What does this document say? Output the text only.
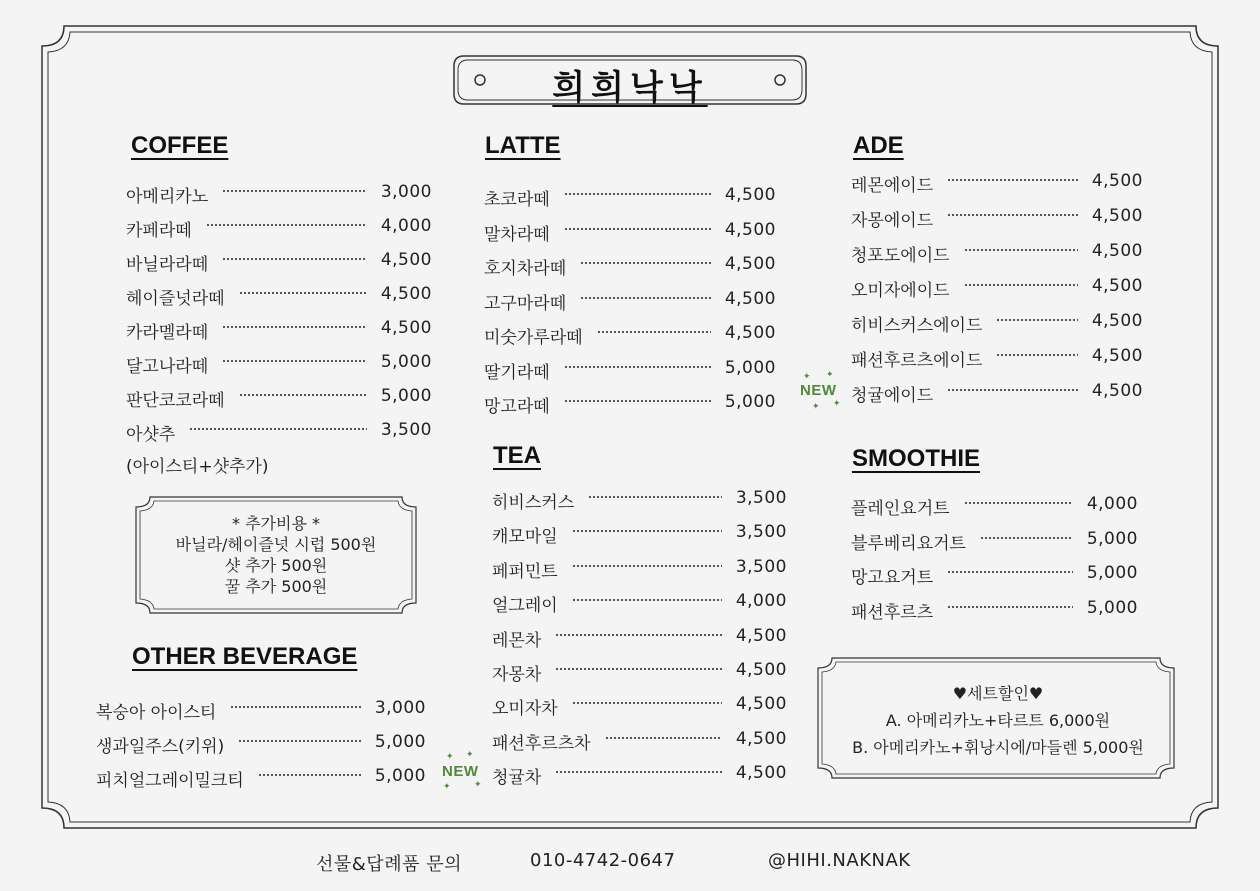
희희낙낙
COFFEE
아메리카노	3,000
카페라떼	4,000
바닐라라떼	4,500
헤이즐넛라떼	4,500
카라멜라떼	4,500
달고나라떼	5,000
판단코코라떼	5,000
아샷추	3,500
(아이스티+샷추가)
* 추가비용 *
바닐라/헤이즐넛 시럽 500원
샷 추가 500원
꿀 추가 500원
OTHER BEVERAGE
복숭아 아이스티	3,000
생과일주스(키위)	5,000
피치얼그레이밀크티	5,000
LATTE
초코라떼	4,500
말차라떼	4,500
호지차라떼	4,500
고구마라떼	4,500
미숫가루라떼	4,500
딸기라떼	5,000
망고라떼	5,000
TEA
히비스커스	3,500
캐모마일	3,500
페퍼민트	3,500
얼그레이	4,000
레몬차	4,500
자몽차	4,500
오미자차	4,500
패션후르츠차	4,500
청귤차	4,500
ADE
레몬에이드	4,500
자몽에이드	4,500
청포도에이드	4,500
오미자에이드	4,500
히비스커스에이드	4,500
패션후르츠에이드	4,500
청귤에이드	4,500
SMOOTHIE
플레인요거트	4,000
블루베리요거트	5,000
망고요거트	5,000
패션후르츠	5,000
NEW
✦ ✦
✦ ✦
NEW
✦ ✦
✦	✦
♥세트할인♥
A. 아메리카노+타르트 6,000원
B. 아메리카노+휘낭시에/마들렌 5,000원
선물&답례품 문의	010-4742-0647	@HIHI.NAKNAK
